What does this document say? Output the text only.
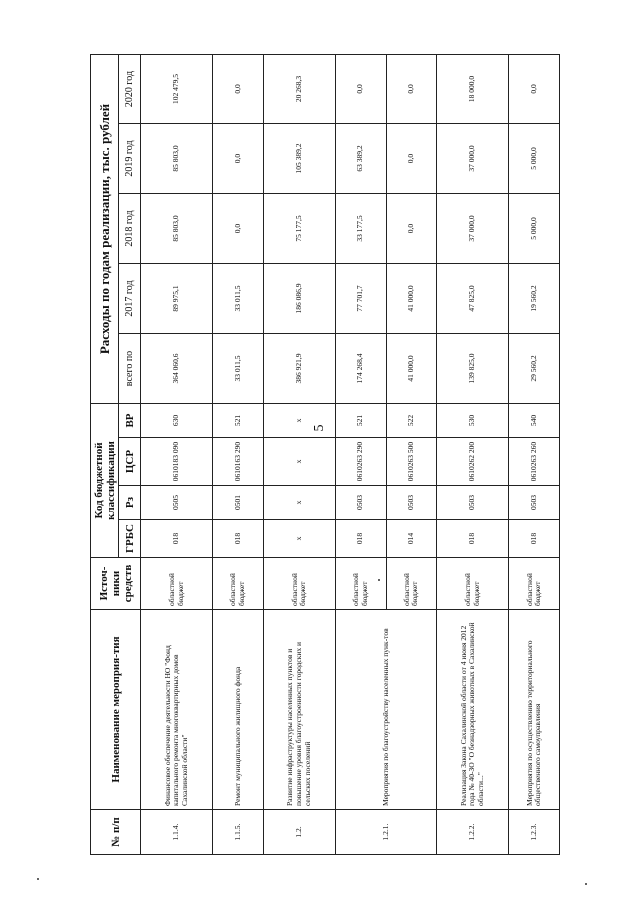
5
№ п/п	Наименование мероприя-тия	Источ-ники средств	Код бюджетной классификации				Расходы по годам реализации, тыс. рублей				
			ГРБС	Рз	ЦСР	ВР	всего по	2017 год	2018 год	2019 год	2020 год
1.1.4.	Финансовое обеспечение деятельности НО "Фонд капитального ремонта многоквартирных домов Сахалинской области"	областной бюджет	018	0505	0610183 090	630	364 060,6	89 975,1	85 803,0	85 803,0	102 479,5
1.1.5.	Ремонт муниципального жилищного фонда	областной бюджет	018	0501	0610163 290	521	33 011,5	33 011,5	0,0	0,0	0,0
1.2.	Развитие инфраструктуры населенных пунктов и повышение уровня благоустроенности городских и сельских поселений	областной бюджет	x	x	x	x	386 921,9	186 086,9	75 177,5	105 389,2	20 268,3
1.2.1.	Мероприятия по благоустройству населенных пунк-тов	областной бюджет	018	0503	0610263 290	521	174 268,4	77 701,7	33 177,5	63 389,2	0,0
		областной бюджет	014	0503	0610263 500	522	41 000,0	41 000,0	0,0	0,0	0,0
1.2.2.	Реализация Закона Сахалинской области от 4 июня 2012 года № 40-ЗО "О безнадзорных животных в Сахалинской области..."	областной бюджет	018	0503	0610262 200	530	139 825,0	47 825,0	37 000,0	37 000,0	18 000,0
1.2.3.	Мероприятия по осуществлению территориального общественного самоуправления	областной бюджет	018	0503	0610263 260	540	29 560,2	19 560,2	5 000,0	5 000,0	0,0
